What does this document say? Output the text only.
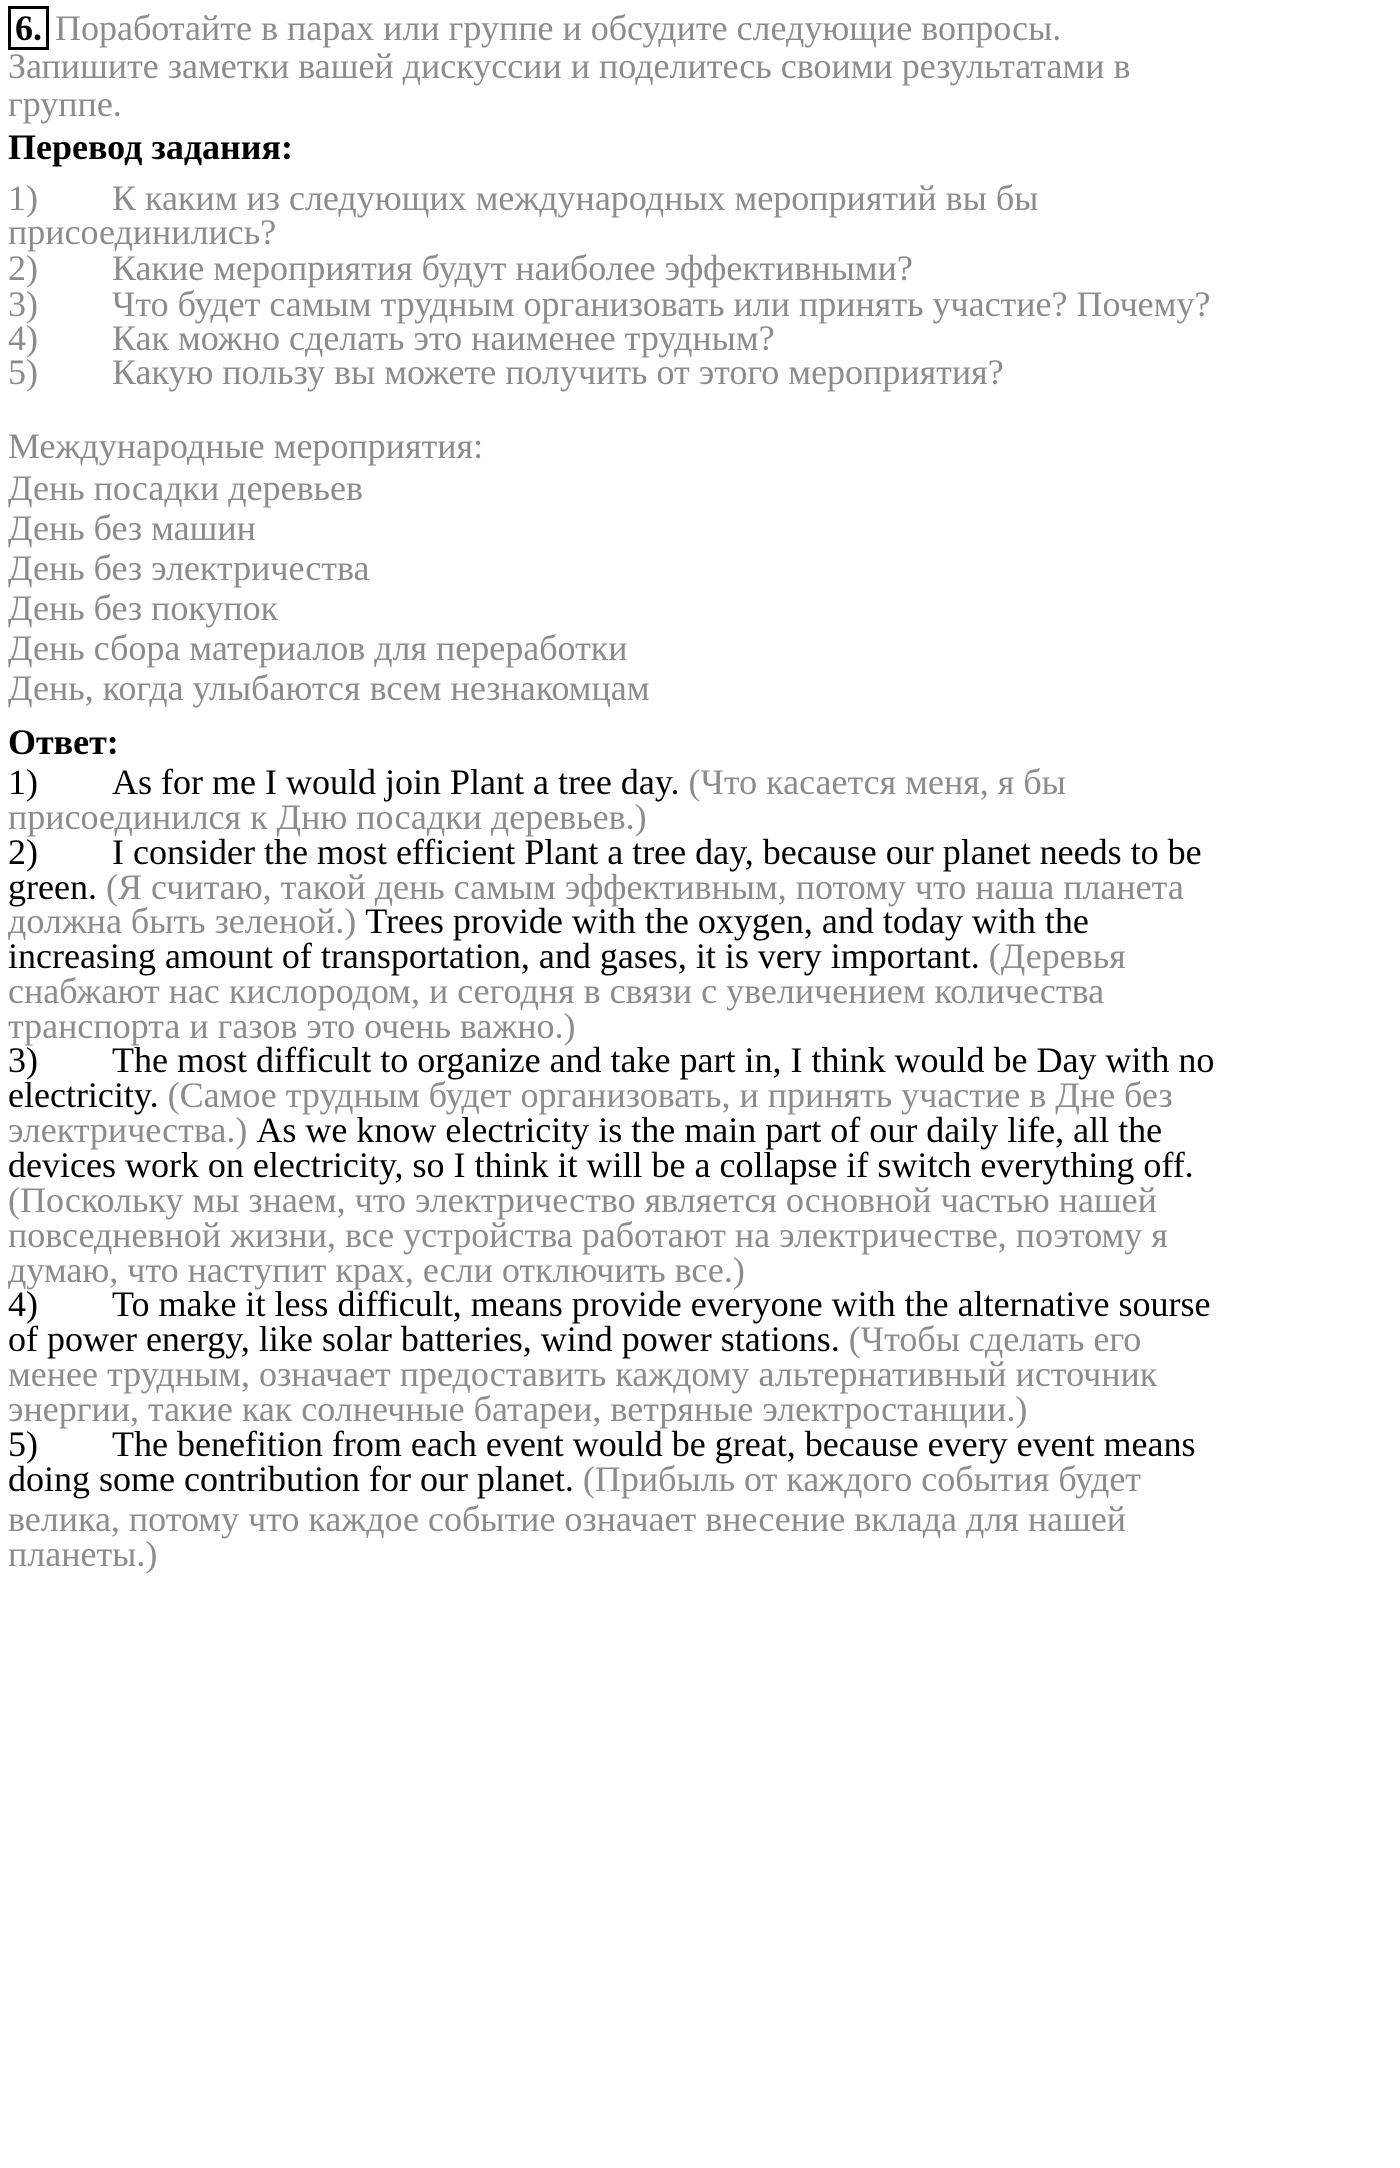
6. Поработайте в парах или группе и обсудите следующие вопросы.
Запишите заметки вашей дискуссии и поделитесь своими результатами в
группе.
Перевод задания:
1) К каким из следующих международных мероприятий вы бы
присоединились?
2) Какие мероприятия будут наиболее эффективными?
3) Что будет самым трудным организовать или принять участие? Почему?
4) Как можно сделать это наименее трудным?
5) Какую пользу вы можете получить от этого мероприятия?
Международные мероприятия:
День посадки деревьев
День без машин
День без электричества
День без покупок
День сбора материалов для переработки
День, когда улыбаются всем незнакомцам
Ответ:
1) As for me I would join Plant a tree day. (Что касается меня, я бы
присоединился к Дню посадки деревьев.)
2) I consider the most efficient Plant a tree day, because our planet needs to be
green. (Я считаю, такой день самым эффективным, потому что наша планета
должна быть зеленой.) Trees provide with the oxygen, and today with the
increasing amount of transportation, and gases, it is very important. (Деревья
снабжают нас кислородом, и сегодня в связи с увеличением количества
транспорта и газов это очень важно.)
3) The most difficult to organize and take part in, I think would be Day with no
electricity. (Самое трудным будет организовать, и принять участие в Дне без
электричества.) As we know electricity is the main part of our daily life, all the
devices work on electricity, so I think it will be a collapse if switch everything off.
(Поскольку мы знаем, что электричество является основной частью нашей
повседневной жизни, все устройства работают на электричестве, поэтому я
думаю, что наступит крах, если отключить все.)
4) To make it less difficult, means provide everyone with the alternative sourse
of power energy, like solar batteries, wind power stations. (Чтобы сделать его
менее трудным, означает предоставить каждому альтернативный источник
энергии, такие как солнечные батареи, ветряные электростанции.)
5) The benefition from each event would be great, because every event means
doing some contribution for our planet. (Прибыль от каждого события будет
велика, потому что каждое событие означает внесение вклада для нашей
планеты.)
